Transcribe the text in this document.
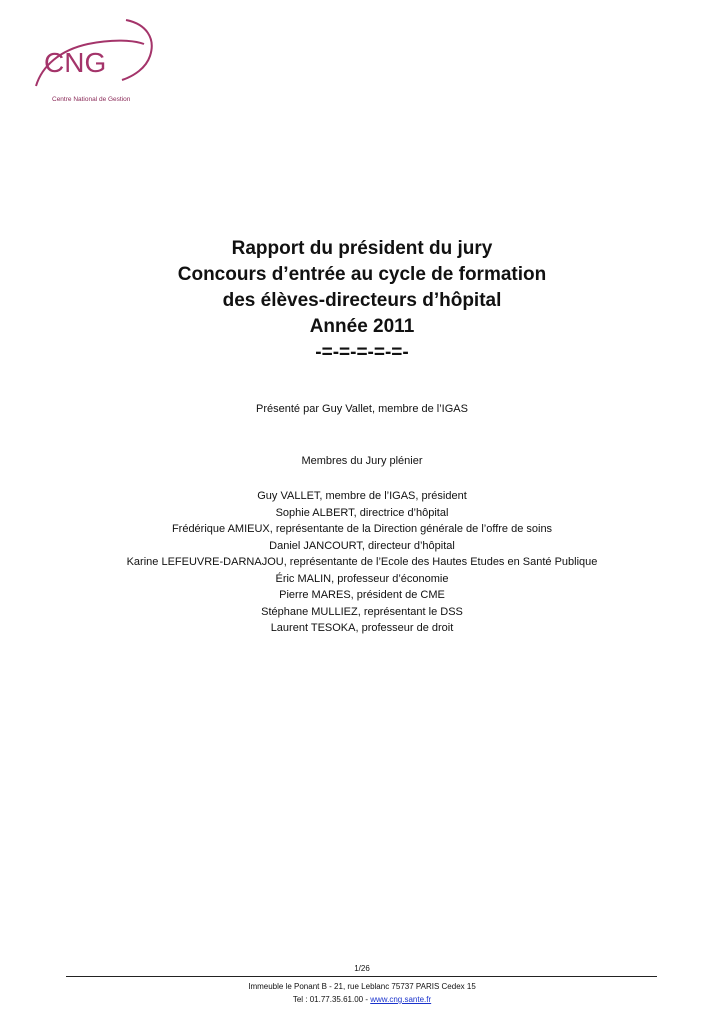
CNG
Centre National de Gestion
Rapport du président du jury
Concours d’entrée au cycle de formation
des élèves-directeurs d’hôpital
Année 2011
-=-=-=-=-=-
Présenté par Guy Vallet, membre de l’IGAS
Membres du Jury plénier
Guy VALLET, membre de l’IGAS, président
Sophie ALBERT, directrice d’hôpital
Frédérique AMIEUX, représentante de la Direction générale de l’offre de soins
Daniel JANCOURT, directeur d’hôpital
Karine LEFEUVRE-DARNAJOU, représentante de l’Ecole des Hautes Etudes en Santé Publique
Éric MALIN, professeur d’économie
Pierre MARES, président de CME
Stéphane MULLIEZ, représentant le DSS
Laurent TESOKA, professeur de droit
1/26
Immeuble le Ponant B - 21, rue Leblanc 75737 PARIS Cedex 15
Tel : 01.77.35.61.00 - www.cng.sante.fr
